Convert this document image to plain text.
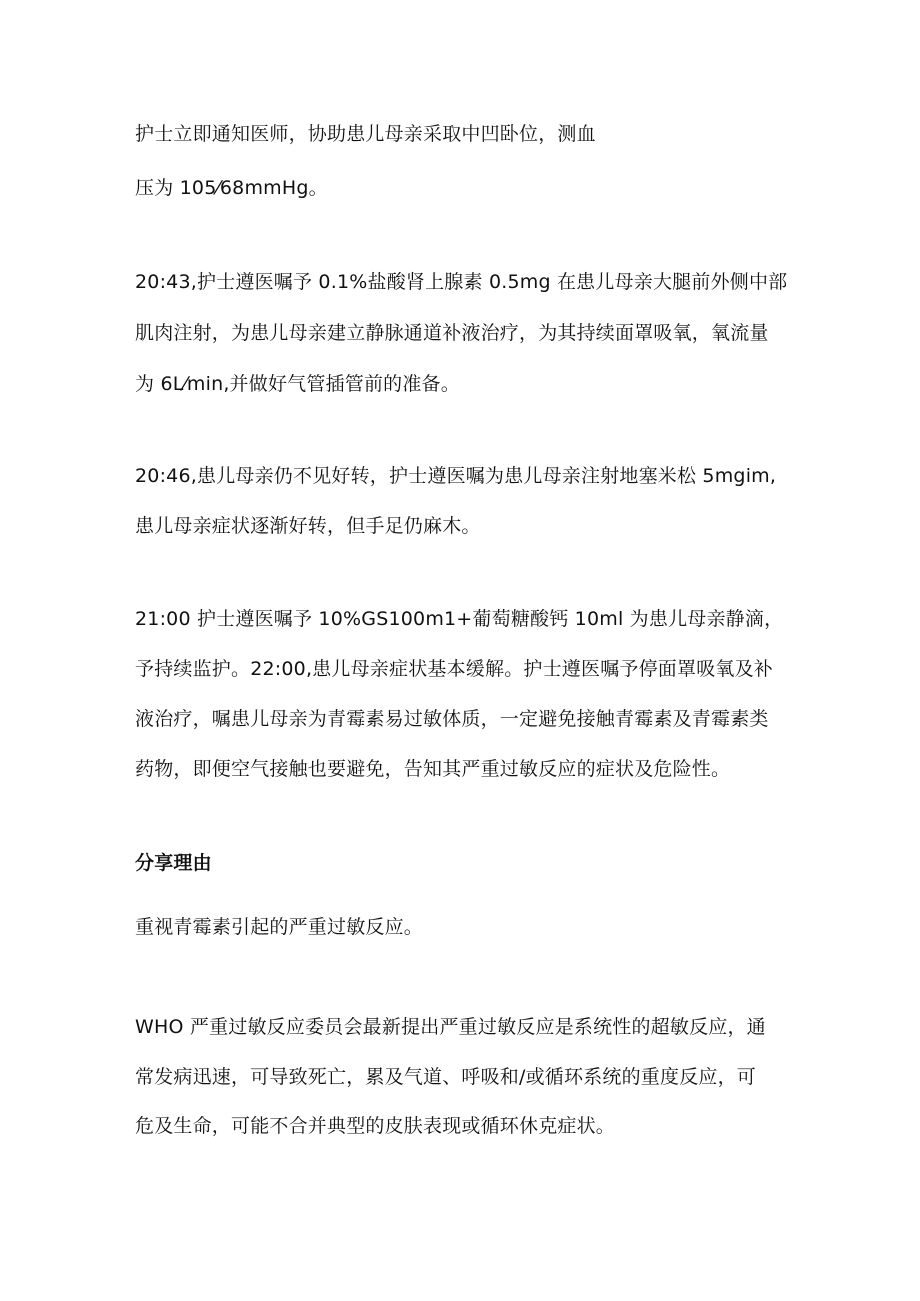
护士立即通知医师，协助患儿母亲采取中凹卧位，测血
压为 105⁄68mmHg。
20:43,护士遵医嘱予 0.1%盐酸肾上腺素 0.5mg 在患儿母亲大腿前外侧中部
肌肉注射，为患儿母亲建立静脉通道补液治疗，为其持续面罩吸氧，氧流量
为 6L⁄min,并做好气管插管前的准备。
20:46,患儿母亲仍不见好转，护士遵医嘱为患儿母亲注射地塞米松 5mgim,
患儿母亲症状逐渐好转，但手足仍麻木。
21:00 护士遵医嘱予 10%GS100m1+葡萄糖酸钙 10ml 为患儿母亲静滴，
予持续监护。22:00,患儿母亲症状基本缓解。护士遵医嘱予停面罩吸氧及补
液治疗，嘱患儿母亲为青霉素易过敏体质，一定避免接触青霉素及青霉素类
药物，即便空气接触也要避免，告知其严重过敏反应的症状及危险性。
分享理由
重视青霉素引起的严重过敏反应。
WHO 严重过敏反应委员会最新提出严重过敏反应是系统性的超敏反应，通
常发病迅速，可导致死亡，累及气道、呼吸和/或循环系统的重度反应，可
危及生命，可能不合并典型的皮肤表现或循环休克症状。
